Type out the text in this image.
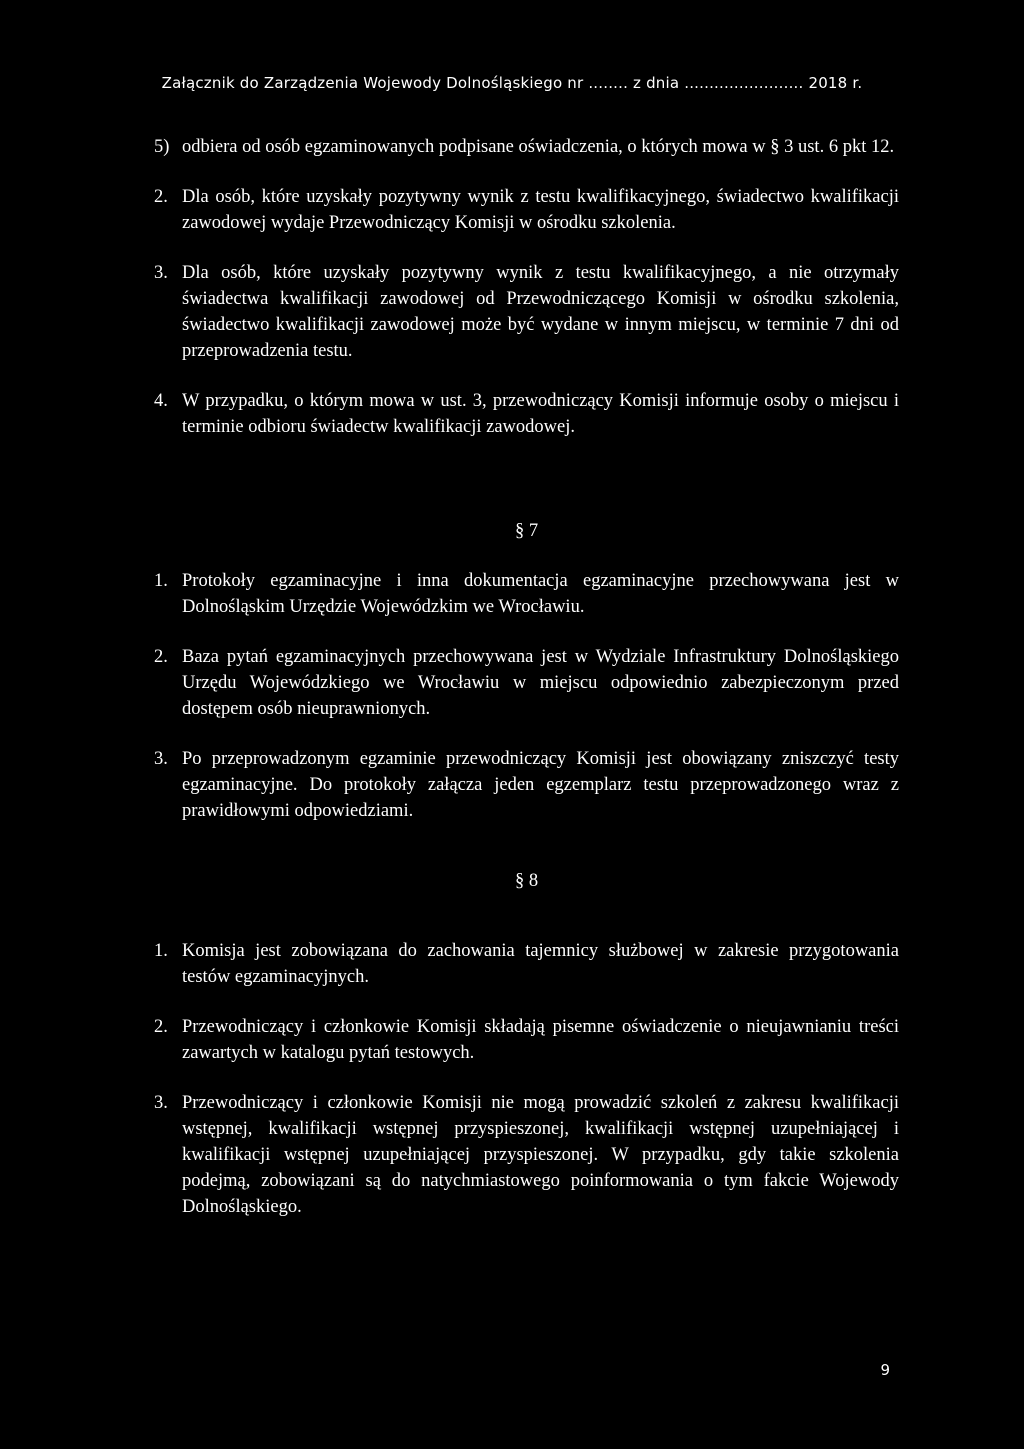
Załącznik do Zarządzenia Wojewody Dolnośląskiego nr ........ z dnia ........................ 2018 r.
5) odbiera od osób egzaminowanych podpisane oświadczenia, o których mowa w § 3 ust. 6 pkt 12.
2. Dla osób, które uzyskały pozytywny wynik z testu kwalifikacyjnego, świadectwo kwalifikacji zawodowej wydaje Przewodniczący Komisji w ośrodku szkolenia.
3. Dla osób, które uzyskały pozytywny wynik z testu kwalifikacyjnego, a nie otrzymały świadectwa kwalifikacji zawodowej od Przewodniczącego Komisji w ośrodku szkolenia, świadectwo kwalifikacji zawodowej może być wydane w innym miejscu, w terminie 7 dni od przeprowadzenia testu.
4. W przypadku, o którym mowa w ust. 3, przewodniczący Komisji informuje osoby o miejscu i terminie odbioru świadectw kwalifikacji zawodowej.
§ 7
1. Protokoły egzaminacyjne i inna dokumentacja egzaminacyjne przechowywana jest w Dolnośląskim Urzędzie Wojewódzkim we Wrocławiu.
2. Baza pytań egzaminacyjnych przechowywana jest w Wydziale Infrastruktury Dolnośląskiego Urzędu Wojewódzkiego we Wrocławiu w miejscu odpowiednio zabezpieczonym przed dostępem osób nieuprawnionych.
3. Po przeprowadzonym egzaminie przewodniczący Komisji jest obowiązany zniszczyć testy egzaminacyjne. Do protokoły załącza jeden egzemplarz testu przeprowadzonego wraz z prawidłowymi odpowiedziami.
§ 8
1. Komisja jest zobowiązana do zachowania tajemnicy służbowej w zakresie przygotowania testów egzaminacyjnych.
2. Przewodniczący i członkowie Komisji składają pisemne oświadczenie o nieujawnianiu treści zawartych w katalogu pytań testowych.
3. Przewodniczący i członkowie Komisji nie mogą prowadzić szkoleń z zakresu kwalifikacji wstępnej, kwalifikacji wstępnej przyspieszonej, kwalifikacji wstępnej uzupełniającej i kwalifikacji wstępnej uzupełniającej przyspieszonej. W przypadku, gdy takie szkolenia podejmą, zobowiązani są do natychmiastowego poinformowania o tym fakcie Wojewody Dolnośląskiego.
9
